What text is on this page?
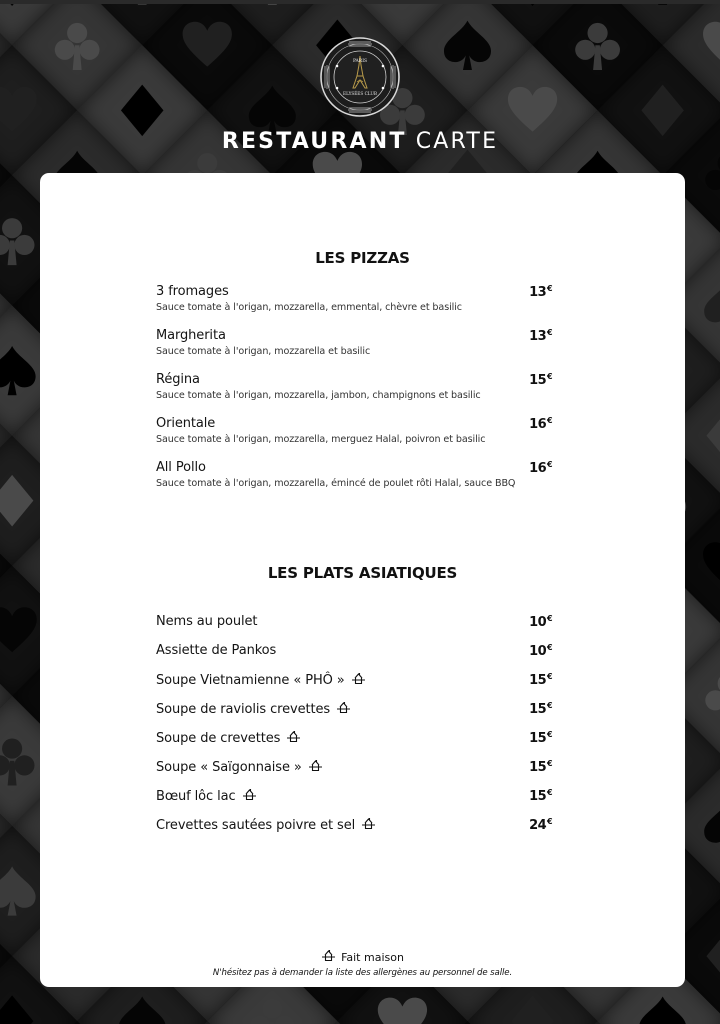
PARIS
ELYSÉES CLUB
RESTAURANT CARTE
LES PIZZAS
LES PLATS ASIATIQUES
Fait maison
N'hésitez pas à demander la liste des allergènes au personnel de salle.
3 fromages
Sauce tomate à l'origan, mozzarella, emmental, chèvre et basilic
13€
Margherita
Sauce tomate à l'origan, mozzarella et basilic
13€
Régina
Sauce tomate à l'origan, mozzarella, jambon, champignons et basilic
15€
Orientale
Sauce tomate à l'origan, mozzarella, merguez Halal, poivron et basilic
16€
All Pollo
Sauce tomate à l'origan, mozzarella, émincé de poulet rôti Halal, sauce BBQ
16€
Nems au poulet	10€
Assiette de Pankos	10€
Soupe Vietnamienne « PHÔ »	15€
Soupe de raviolis crevettes	15€
Soupe de crevettes	15€
Soupe « Saïgonnaise »	15€
Bœuf lôc lac	15€
Crevettes sautées poivre et sel	24€
